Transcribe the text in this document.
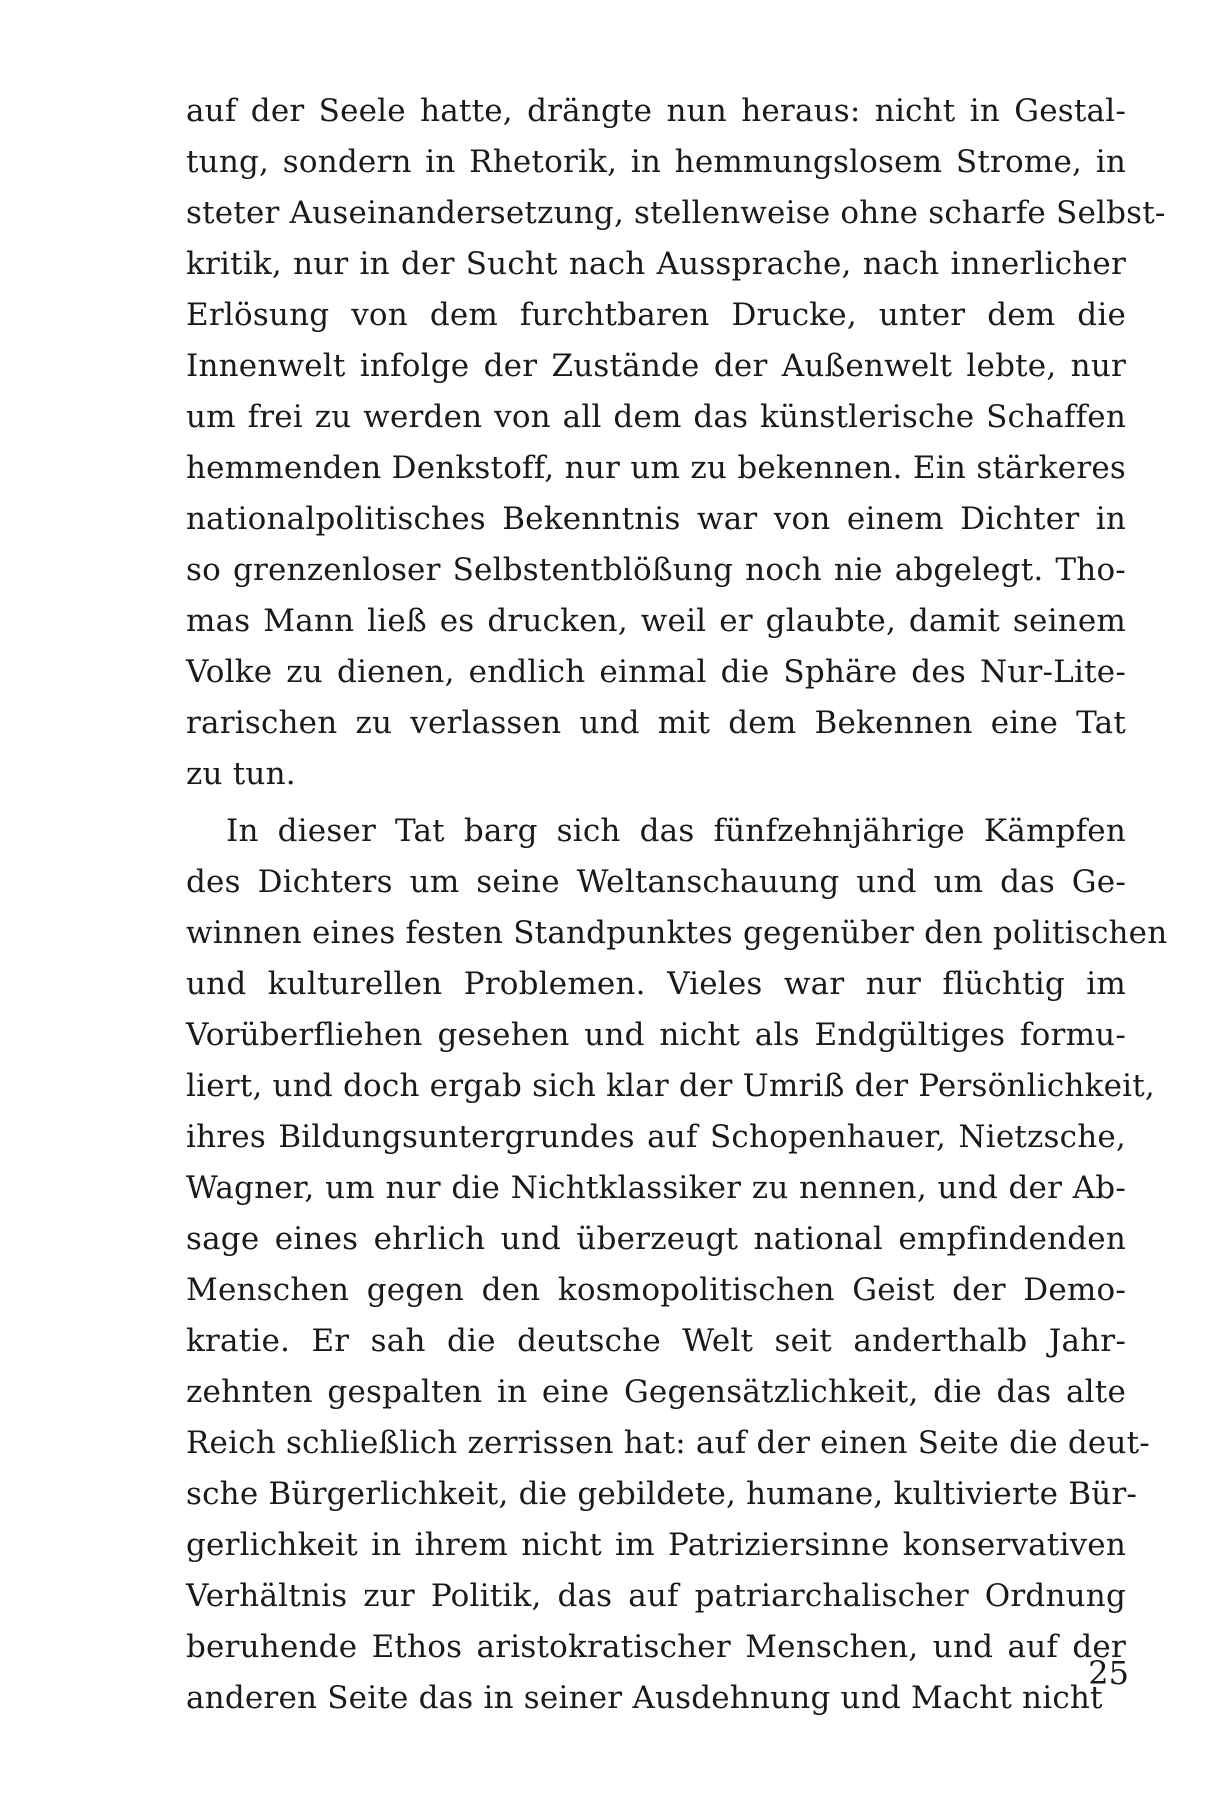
auf der Seele hatte, drängte nun heraus: nicht in Gestal-
tung, sondern in Rhetorik, in hemmungslosem Strome, in
steter Auseinandersetzung, stellenweise ohne scharfe Selbst-
kritik, nur in der Sucht nach Aussprache, nach innerlicher
Erlösung von dem furchtbaren Drucke, unter dem die
Innenwelt infolge der Zustände der Außenwelt lebte, nur
um frei zu werden von all dem das künstlerische Schaffen
hemmenden Denkstoff, nur um zu bekennen. Ein stärkeres
nationalpolitisches Bekenntnis war von einem Dichter in
so grenzenloser Selbstentblößung noch nie abgelegt. Tho-
mas Mann ließ es drucken, weil er glaubte, damit seinem
Volke zu dienen, endlich einmal die Sphäre des Nur-Lite-
rarischen zu verlassen und mit dem Bekennen eine Tat
zu tun.
In dieser Tat barg sich das fünfzehnjährige Kämpfen
des Dichters um seine Weltanschauung und um das Ge-
winnen eines festen Standpunktes gegenüber den politischen
und kulturellen Problemen. Vieles war nur flüchtig im
Vorüberfliehen gesehen und nicht als Endgültiges formu-
liert, und doch ergab sich klar der Umriß der Persönlichkeit,
ihres Bildungsuntergrundes auf Schopenhauer, Nietzsche,
Wagner, um nur die Nichtklassiker zu nennen, und der Ab-
sage eines ehrlich und überzeugt national empfindenden
Menschen gegen den kosmopolitischen Geist der Demo-
kratie. Er sah die deutsche Welt seit anderthalb Jahr-
zehnten gespalten in eine Gegensätzlichkeit, die das alte
Reich schließlich zerrissen hat: auf der einen Seite die deut-
sche Bürgerlichkeit, die gebildete, humane, kultivierte Bür-
gerlichkeit in ihrem nicht im Patriziersinne konservativen
Verhältnis zur Politik, das auf patriarchalischer Ordnung
beruhende Ethos aristokratischer Menschen, und auf der
anderen Seite das in seiner Ausdehnung und Macht nicht
25
